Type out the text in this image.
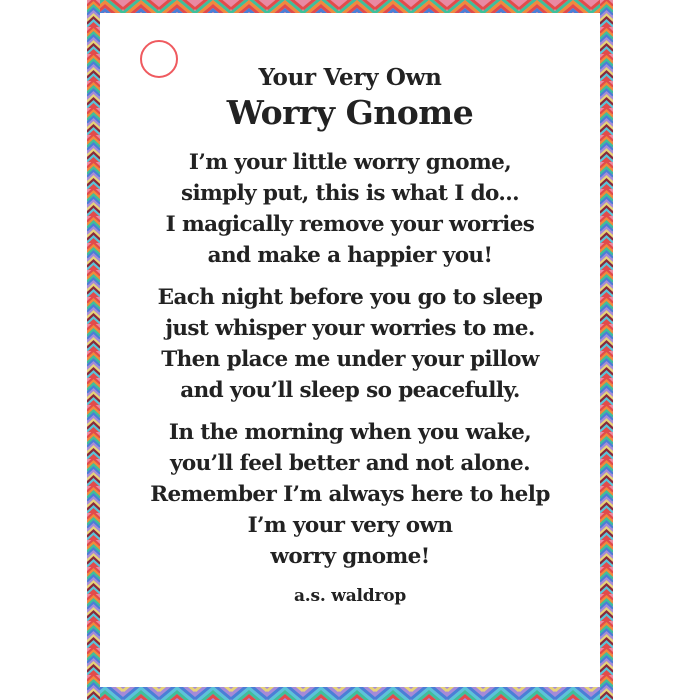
Your Very Own
Worry Gnome
I’m your little worry gnome,
simply put, this is what I do...
I magically remove your worries
and make a happier you!
Each night before you go to sleep
just whisper your worries to me.
Then place me under your pillow
and you’ll sleep so peacefully.
In the morning when you wake,
you’ll feel better and not alone.
Remember I’m always here to help
I’m your very own
worry gnome!
a.s. waldrop
